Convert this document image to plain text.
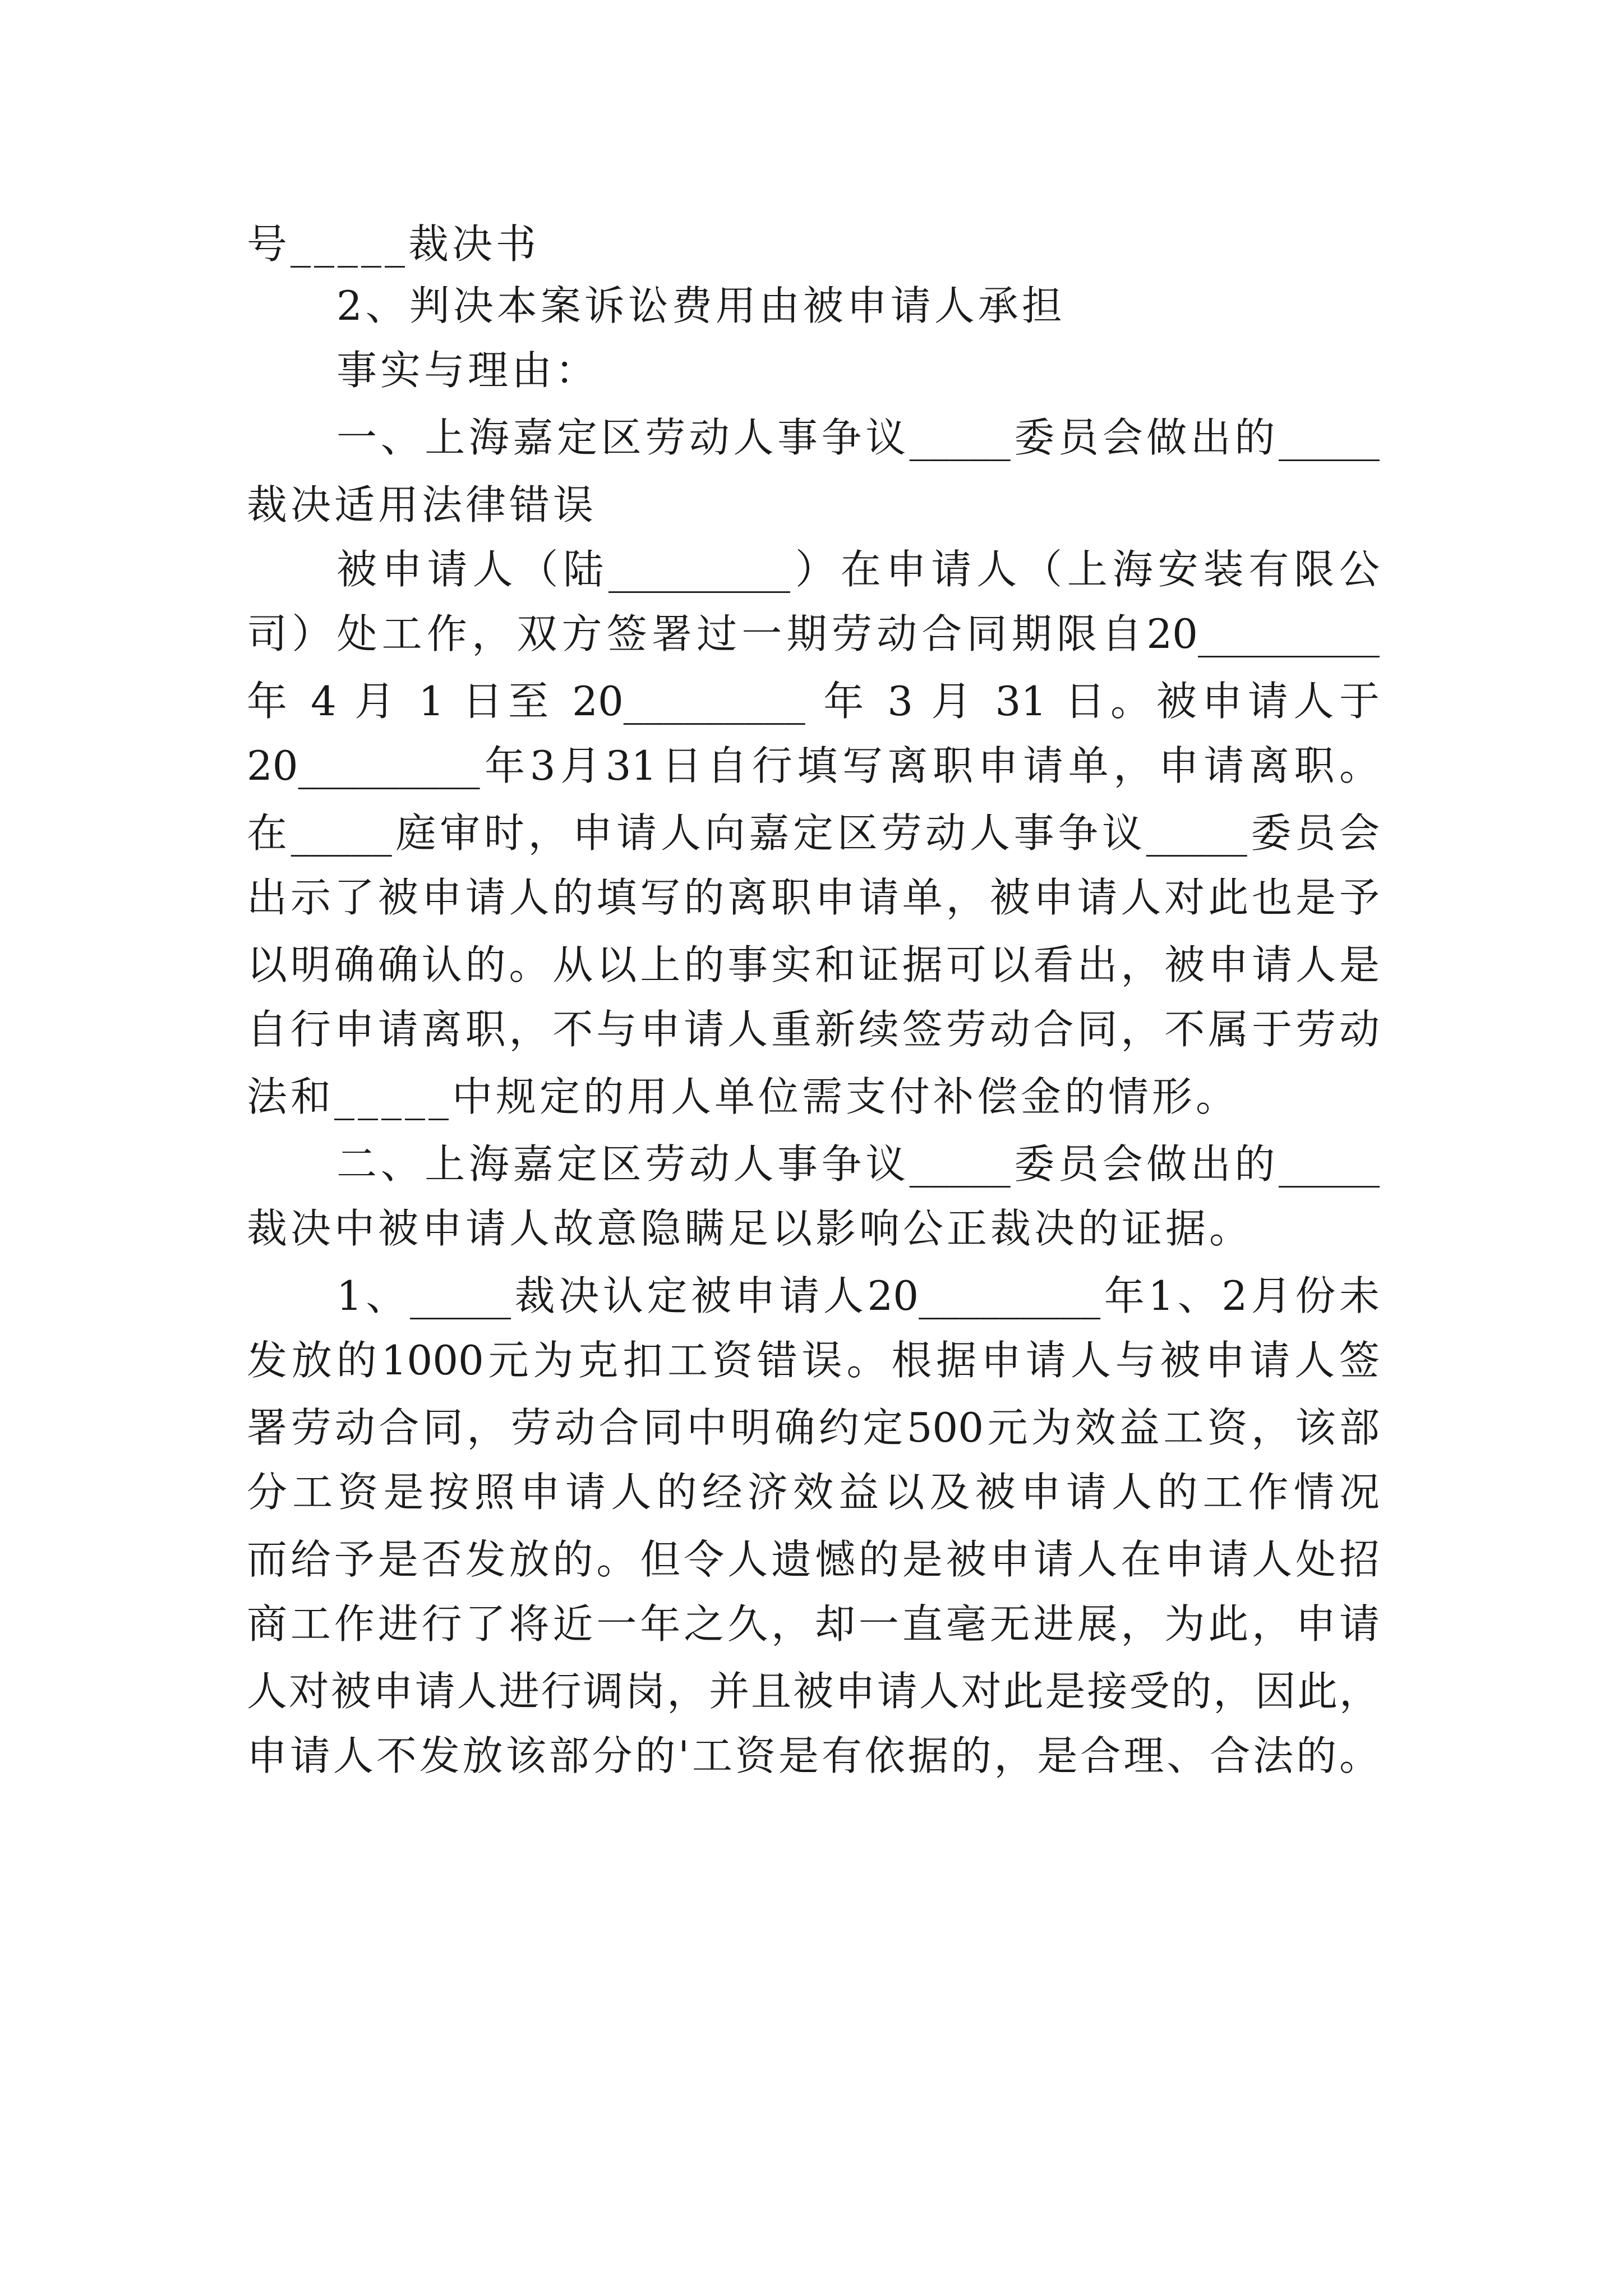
号_____裁决书
2、判决本案诉讼费用由被申请人承担
事实与理由：
一、上海嘉定区劳动人事争议_____委员会做出的_____
裁决适用法律错误
被申请人（陆_________）在申请人（上海安装有限公
司）处工作，双方签署过一期劳动合同期限自20_________
年 4 月 1 日至 20_________ 年 3 月 31 日。被申请人于
20_________年3月31日自行填写离职申请单，申请离职。
在_____庭审时，申请人向嘉定区劳动人事争议_____委员会
出示了被申请人的填写的离职申请单，被申请人对此也是予
以明确确认的。从以上的事实和证据可以看出，被申请人是
自行申请离职，不与申请人重新续签劳动合同，不属于劳动
法和_____中规定的用人单位需支付补偿金的情形。
二、上海嘉定区劳动人事争议_____委员会做出的_____
裁决中被申请人故意隐瞒足以影响公正裁决的证据。
1、_____裁决认定被申请人20_________年1、2月份未
发放的1000元为克扣工资错误。根据申请人与被申请人签
署劳动合同，劳动合同中明确约定500元为效益工资，该部
分工资是按照申请人的经济效益以及被申请人的工作情况
而给予是否发放的。但令人遗憾的是被申请人在申请人处招
商工作进行了将近一年之久，却一直毫无进展，为此，申请
人对被申请人进行调岗，并且被申请人对此是接受的，因此，
申请人不发放该部分的'工资是有依据的，是合理、合法的。
